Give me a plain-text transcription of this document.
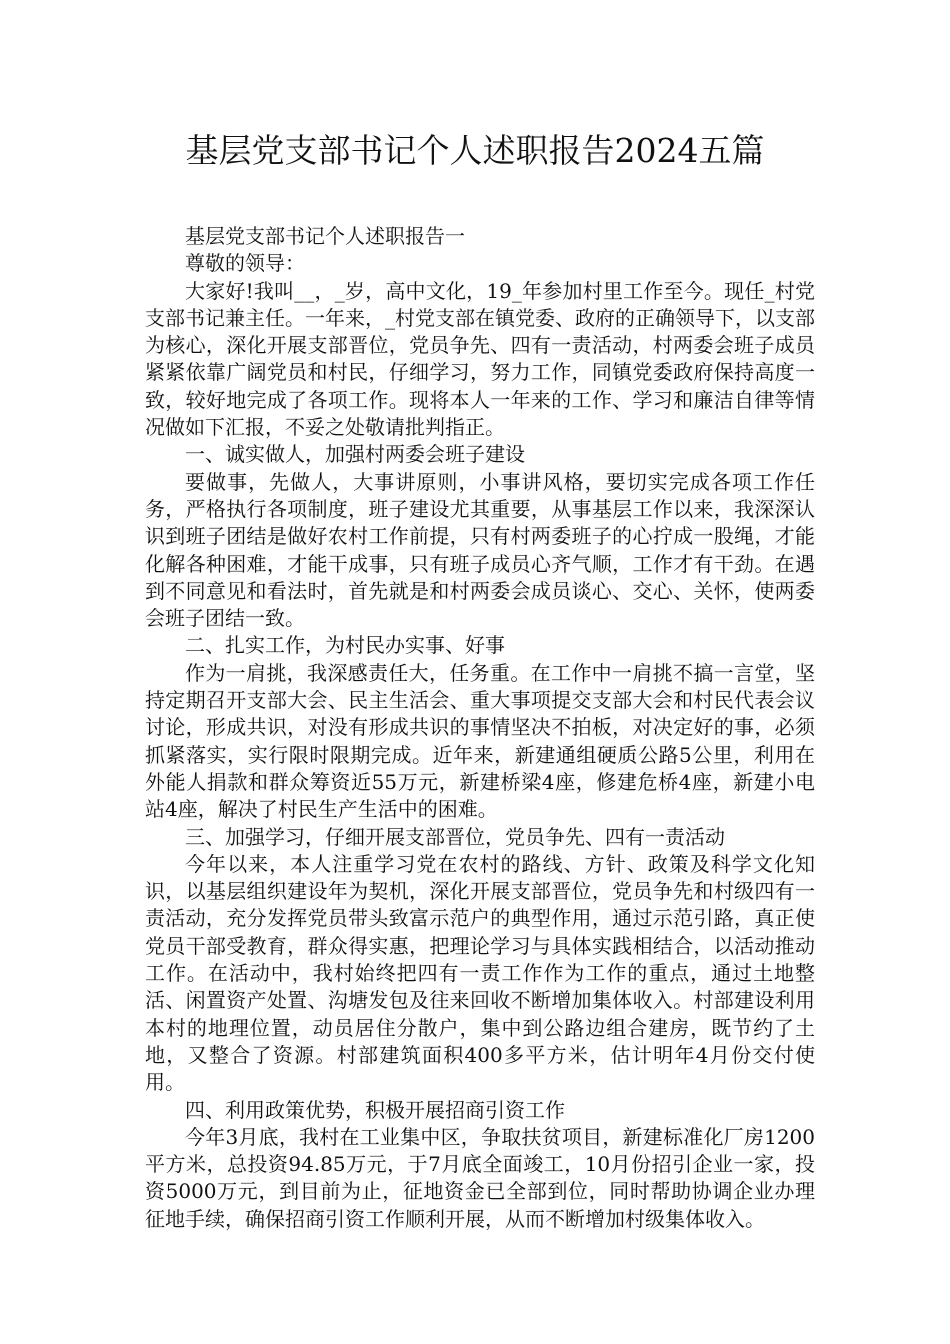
基层党支部书记个人述职报告2024五篇

基层党支部书记个人述职报告一

尊敬的领导：

大家好!我叫__，_岁，高中文化，19_年参加村里工作至今。现任_村党支部书记兼主任。一年来，_村党支部在镇党委、政府的正确领导下，以支部为核心，深化开展支部晋位，党员争先、四有一责活动，村两委会班子成员紧紧依靠广阔党员和村民，仔细学习，努力工作，同镇党委政府保持高度一致，较好地完成了各项工作。现将本人一年来的工作、学习和廉洁自律等情况做如下汇报，不妥之处敬请批判指正。

一、诚实做人，加强村两委会班子建设

要做事，先做人，大事讲原则，小事讲风格，要切实完成各项工作任务，严格执行各项制度，班子建设尤其重要，从事基层工作以来，我深深认识到班子团结是做好农村工作前提，只有村两委班子的心拧成一股绳，才能化解各种困难，才能干成事，只有班子成员心齐气顺，工作才有干劲。在遇到不同意见和看法时，首先就是和村两委会成员谈心、交心、关怀，使两委会班子团结一致。

二、扎实工作，为村民办实事、好事

作为一肩挑，我深感责任大，任务重。在工作中一肩挑不搞一言堂，坚持定期召开支部大会、民主生活会、重大事项提交支部大会和村民代表会议讨论，形成共识，对没有形成共识的事情坚决不拍板，对决定好的事，必须抓紧落实，实行限时限期完成。近年来，新建通组硬质公路5公里，利用在外能人捐款和群众筹资近55万元，新建桥梁4座，修建危桥4座，新建小电站4座，解决了村民生产生活中的困难。

三、加强学习，仔细开展支部晋位，党员争先、四有一责活动

今年以来，本人注重学习党在农村的路线、方针、政策及科学文化知识，以基层组织建设年为契机，深化开展支部晋位，党员争先和村级四有一责活动，充分发挥党员带头致富示范户的典型作用，通过示范引路，真正使党员干部受教育，群众得实惠，把理论学习与具体实践相结合，以活动推动工作。在活动中，我村始终把四有一责工作作为工作的重点，通过土地整活、闲置资产处置、沟塘发包及往来回收不断增加集体收入。村部建设利用本村的地理位置，动员居住分散户，集中到公路边组合建房，既节约了土地，又整合了资源。村部建筑面积400多平方米，估计明年4月份交付使用。

四、利用政策优势，积极开展招商引资工作

今年3月底，我村在工业集中区，争取扶贫项目，新建标准化厂房1200平方米，总投资94.85万元，于7月底全面竣工，10月份招引企业一家，投资5000万元，到目前为止，征地资金已全部到位，同时帮助协调企业办理征地手续，确保招商引资工作顺利开展，从而不断增加村级集体收入。
